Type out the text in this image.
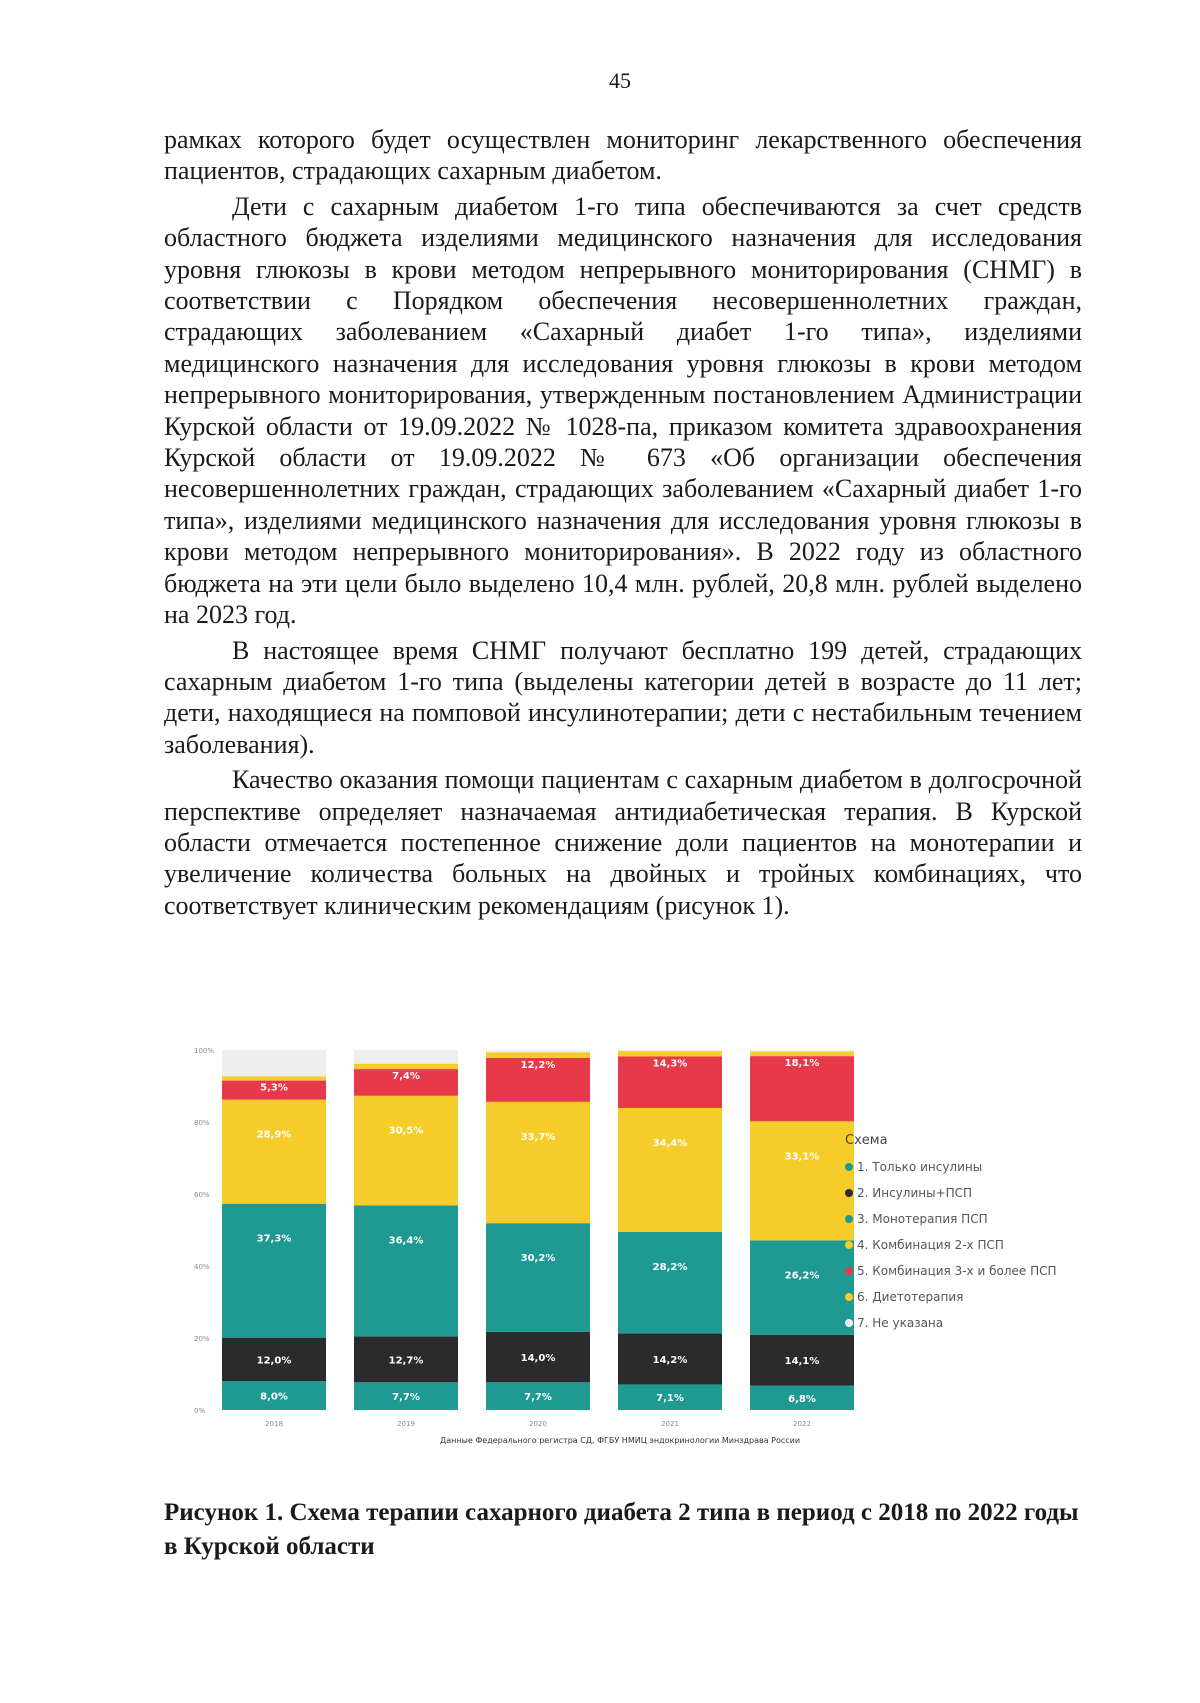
45

рамках которого будет осуществлен мониторинг лекарственного обеспечения пациентов, страдающих сахарным диабетом.

Дети с сахарным диабетом 1-го типа обеспечиваются за счет средств областного бюджета изделиями медицинского назначения для исследования уровня глюкозы в крови методом непрерывного мониторирования (СНМГ) в соответствии с Порядком обеспечения несовершеннолетних граждан, страдающих заболеванием «Сахарный диабет 1-го типа», изделиями медицинского назначения для исследования уровня глюкозы в крови методом непрерывного мониторирования, утвержденным постановлением Администрации Курской области от 19.09.2022 № 1028-па, приказом комитета здравоохранения Курской области от 19.09.2022 № 673 «Об организации обеспечения несовершеннолетних граждан, страдающих заболеванием «Сахарный диабет 1-го типа», изделиями медицинского назначения для исследования уровня глюкозы в крови методом непрерывного мониторирования». В 2022 году из областного бюджета на эти цели было выделено 10,4 млн. рублей, 20,8 млн. рублей выделено на 2023 год.

В настоящее время СНМГ получают бесплатно 199 детей, страдающих сахарным диабетом 1-го типа (выделены категории детей в возрасте до 11 лет; дети, находящиеся на помповой инсулинотерапии; дети с нестабильным течением заболевания).

Качество оказания помощи пациентам с сахарным диабетом в долгосрочной перспективе определяет назначаемая антидиабетическая терапия. В Курской области отмечается постепенное снижение доли пациентов на монотерапии и увеличение количества больных на двойных и тройных комбинациях, что соответствует клиническим рекомендациям (рисунок 1).

0%
20%
40%
60%
80%
100%
8,0%
12,0%
37,3%
28,9%
5,3%
2018
7,7%
12,7%
36,4%
30,5%
7,4%
2019
7,7%
14,0%
30,2%
33,7%
12,2%
2020
7,1%
14,2%
28,2%
34,4%
14,3%
2021
6,8%
14,1%
26,2%
33,1%
18,1%
2022
Схема
1. Только инсулины
2. Инсулины+ПСП
3. Монотерапия ПСП
4. Комбинация 2-х ПСП
5. Комбинация 3-х и более ПСП
6. Диетотерапия
7. Не указана
Данные Федерального регистра СД, ФГБУ НМИЦ эндокринологии Минздрава России
Рисунок 1. Схема терапии сахарного диабета 2 типа в период с 2018 по 2022 годы в Курской области
